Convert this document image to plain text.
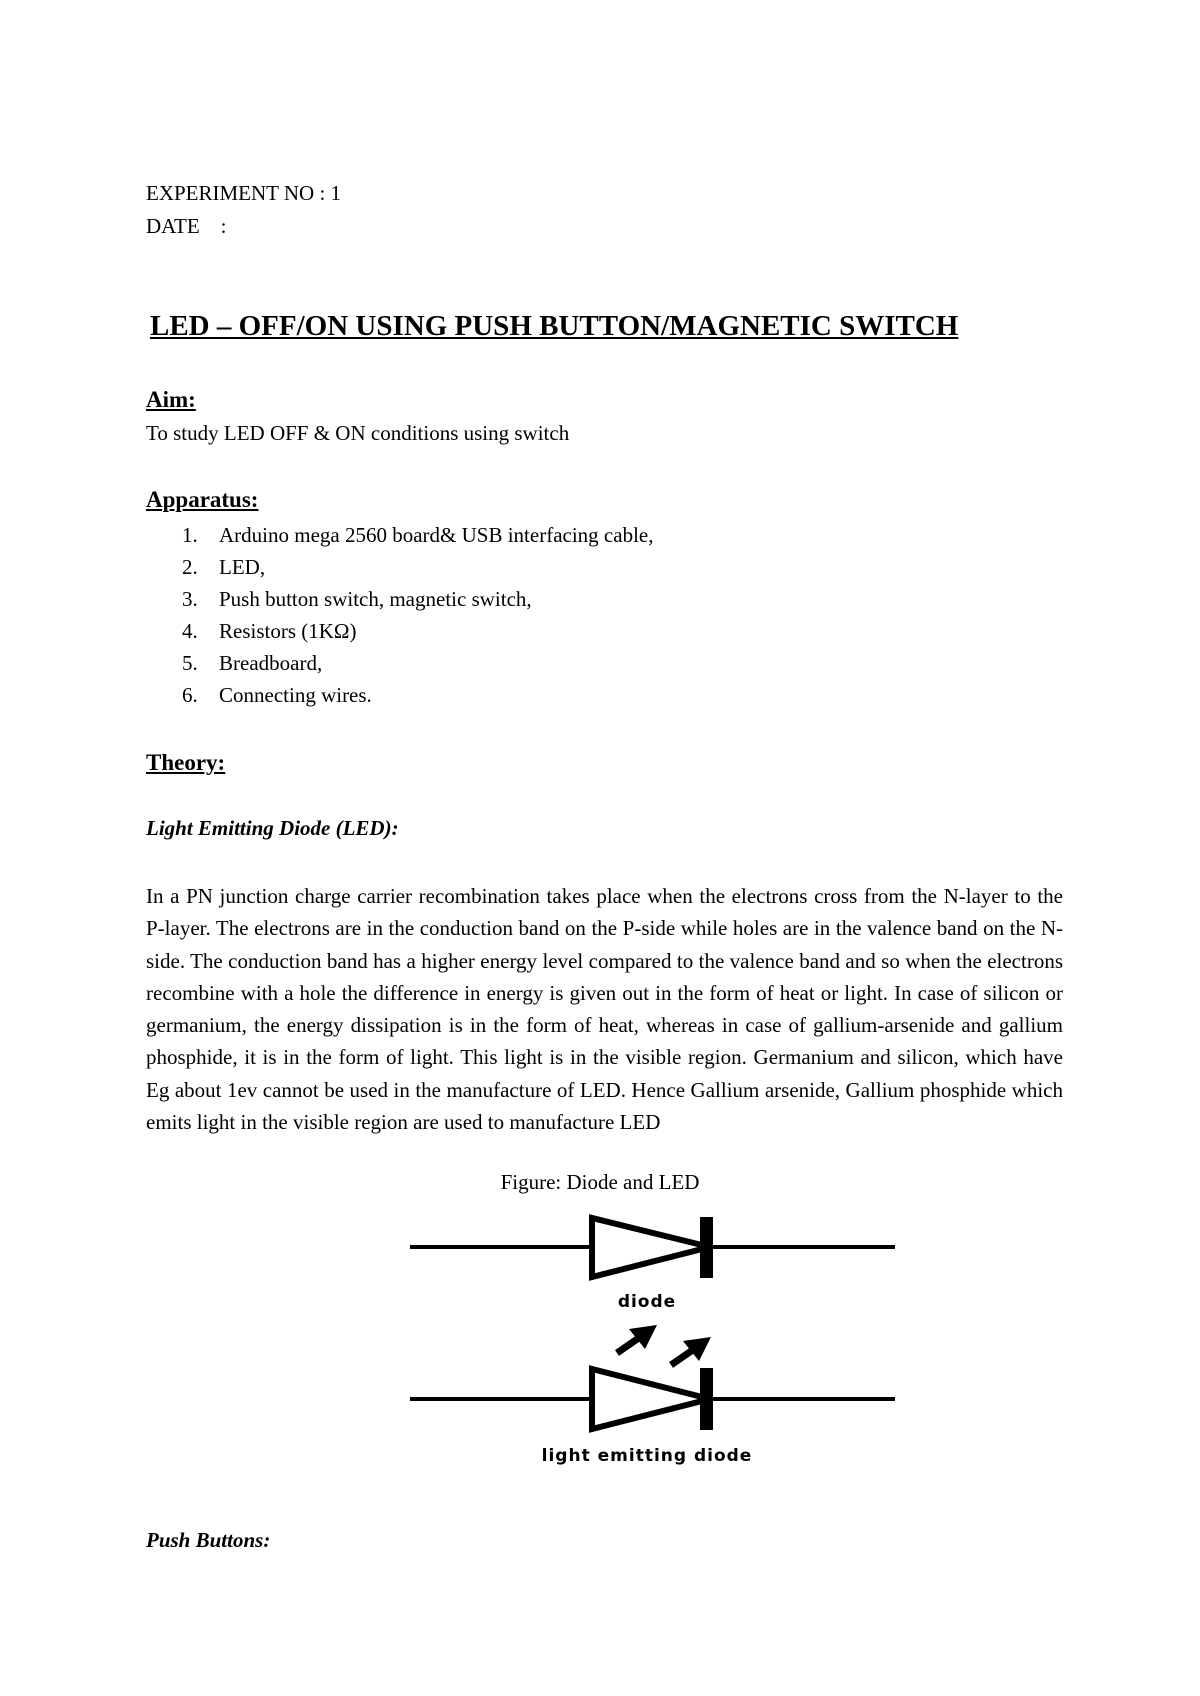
EXPERIMENT NO : 1
DATE    :
LED – OFF/ON USING PUSH BUTTON/MAGNETIC SWITCH
Aim:
To study LED OFF & ON conditions using switch
Apparatus:
1. Arduino mega 2560 board& USB interfacing cable,
2. LED,
3. Push button switch, magnetic switch,
4. Resistors (1KΩ)
5. Breadboard,
6. Connecting wires.
Theory:
Light Emitting Diode (LED):
In a PN junction charge carrier recombination takes place when the electrons cross from the N-layer to the P-layer. The electrons are in the conduction band on the P-side while holes are in the valence band on the N-side. The conduction band has a higher energy level compared to the valence band and so when the electrons recombine with a hole the difference in energy is given out in the form of heat or light. In case of silicon or germanium, the energy dissipation is in the form of heat, whereas in case of gallium-arsenide and gallium phosphide, it is in the form of light. This light is in the visible region. Germanium and silicon, which have Eg about 1ev cannot be used in the manufacture of LED. Hence Gallium arsenide, Gallium phosphide which emits light in the visible region are used to manufacture LED
Figure: Diode and LED
diode
light emitting diode
Push Buttons:
